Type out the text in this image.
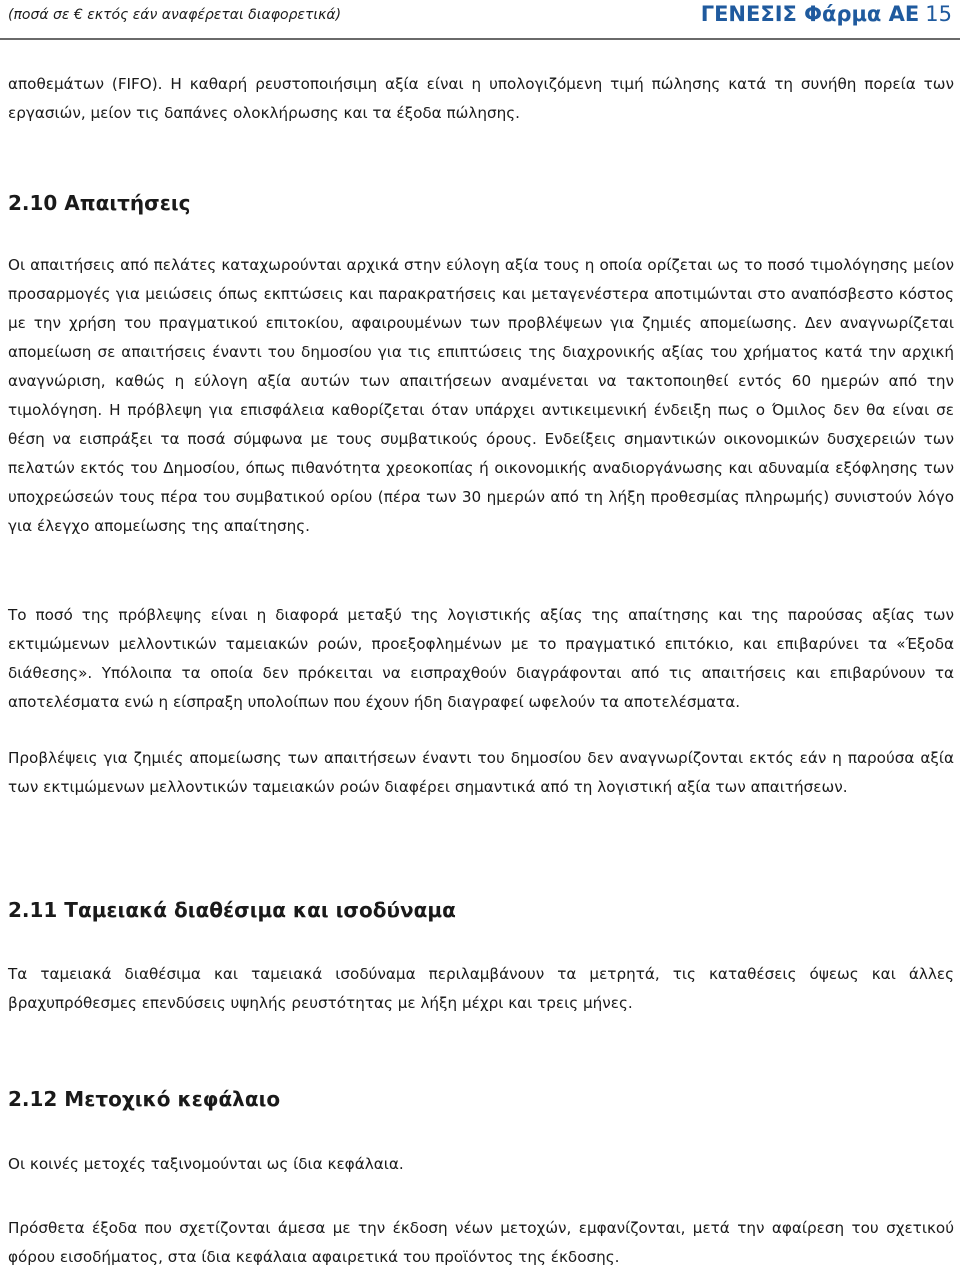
(ποσά σε € εκτός εάν αναφέρεται διαφορετικά)	ΓΕΝΕΣΙΣ Φάρμα ΑΕ 15

αποθεμάτων (FIFO). Η καθαρή ρευστοποιήσιμη αξία είναι η υπολογιζόμενη τιμή πώλησης κατά τη συνήθη πορεία των εργασιών, μείον τις δαπάνες ολοκλήρωσης και τα έξοδα πώλησης.

2.10 Απαιτήσεις

Οι απαιτήσεις από πελάτες καταχωρούνται αρχικά στην εύλογη αξία τους η οποία ορίζεται ως το ποσό τιμολόγησης μείον προσαρμογές για μειώσεις όπως εκπτώσεις και παρακρατήσεις και μεταγενέστερα αποτιμώνται στο αναπόσβεστο κόστος με την χρήση του πραγματικού επιτοκίου, αφαιρουμένων των προβλέψεων για ζημιές απομείωσης. Δεν αναγνωρίζεται απομείωση σε απαιτήσεις έναντι του δημοσίου για τις επιπτώσεις της διαχρονικής αξίας του χρήματος κατά την αρχική αναγνώριση, καθώς η εύλογη αξία αυτών των απαιτήσεων αναμένεται να τακτοποιηθεί εντός 60 ημερών από την τιμολόγηση. Η πρόβλεψη για επισφάλεια καθορίζεται όταν υπάρχει αντικειμενική ένδειξη πως ο Όμιλος δεν θα είναι σε θέση να εισπράξει τα ποσά σύμφωνα με τους συμβατικούς όρους. Ενδείξεις σημαντικών οικονομικών δυσχερειών των πελατών εκτός του Δημοσίου, όπως πιθανότητα χρεοκοπίας ή οικονομικής αναδιοργάνωσης και αδυναμία εξόφλησης των υποχρεώσεών τους πέρα του συμβατικού ορίου (πέρα των 30 ημερών από τη λήξη προθεσμίας πληρωμής) συνιστούν λόγο για έλεγχο απομείωσης της απαίτησης.

Το ποσό της πρόβλεψης είναι η διαφορά μεταξύ της λογιστικής αξίας της απαίτησης και της παρούσας αξίας των εκτιμώμενων μελλοντικών ταμειακών ροών, προεξοφλημένων με το πραγματικό επιτόκιο, και επιβαρύνει τα «Έξοδα διάθεσης». Υπόλοιπα τα οποία δεν πρόκειται να εισπραχθούν διαγράφονται από τις απαιτήσεις και επιβαρύνουν τα αποτελέσματα ενώ η είσπραξη υπολοίπων που έχουν ήδη διαγραφεί ωφελούν τα αποτελέσματα.

Προβλέψεις για ζημιές απομείωσης των απαιτήσεων έναντι του δημοσίου δεν αναγνωρίζονται εκτός εάν η παρούσα αξία των εκτιμώμενων μελλοντικών ταμειακών ροών διαφέρει σημαντικά από τη λογιστική αξία των απαιτήσεων.

2.11 Ταμειακά διαθέσιμα και ισοδύναμα

Τα ταμειακά διαθέσιμα και ταμειακά ισοδύναμα περιλαμβάνουν τα μετρητά, τις καταθέσεις όψεως και άλλες βραχυπρόθεσμες επενδύσεις υψηλής ρευστότητας με λήξη μέχρι και τρεις μήνες.

2.12 Μετοχικό κεφάλαιο

Οι κοινές μετοχές ταξινομούνται ως ίδια κεφάλαια.

Πρόσθετα έξοδα που σχετίζονται άμεσα με την έκδοση νέων μετοχών, εμφανίζονται, μετά την αφαίρεση του σχετικού φόρου εισοδήματος, στα ίδια κεφάλαια αφαιρετικά του προϊόντος της έκδοσης.
